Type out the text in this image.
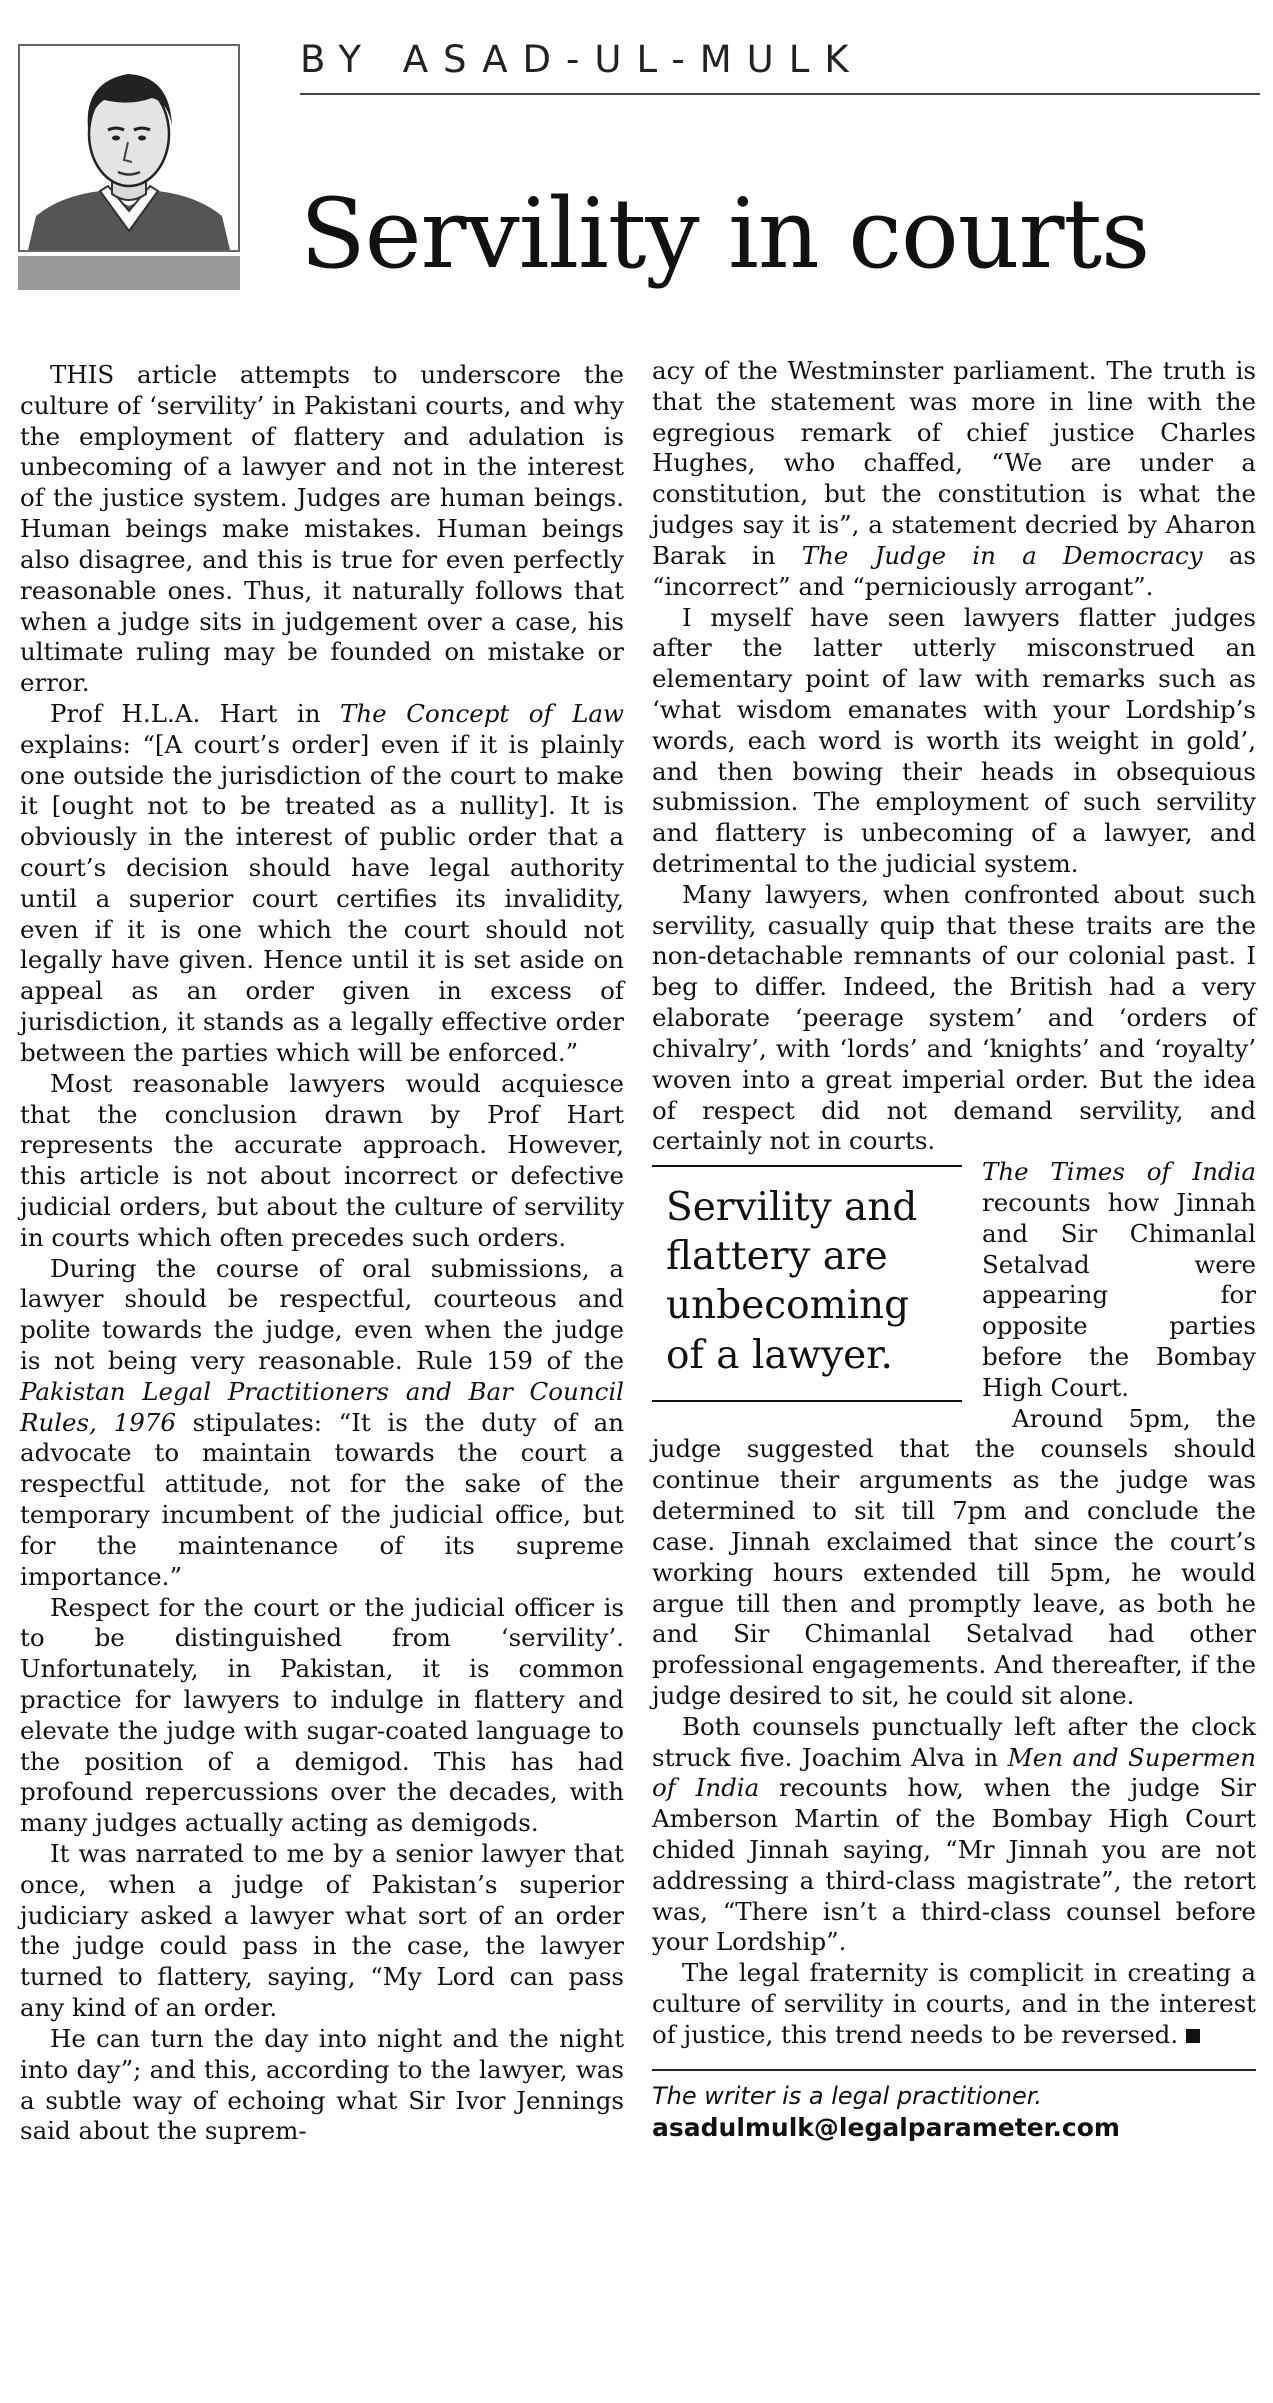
BY ASAD-UL-MULK
Servility in courts

THIS article attempts to underscore the culture of ‘servility’ in Pakistani courts, and why the employment of flattery and adulation is unbecoming of a lawyer and not in the interest of the justice system. Judges are human beings. Human beings make mistakes. Human beings also disagree, and this is true for even perfectly reasonable ones. Thus, it naturally follows that when a judge sits in judgement over a case, his ultimate ruling may be founded on mistake or error.

Prof H.L.A. Hart in The Concept of Law explains: “[A court’s order] even if it is plainly one outside the jurisdiction of the court to make it [ought not to be treated as a nullity]. It is obviously in the interest of public order that a court’s decision should have legal authority until a superior court certifies its invalidity, even if it is one which the court should not legally have given. Hence until it is set aside on appeal as an order given in excess of jurisdiction, it stands as a legally effective order between the parties which will be enforced.”

Most reasonable lawyers would acquiesce that the conclusion drawn by Prof Hart represents the accurate approach. However, this article is not about incorrect or defective judicial orders, but about the culture of servility in courts which often precedes such orders.

During the course of oral submissions, a lawyer should be respectful, courteous and polite towards the judge, even when the judge is not being very reasonable. Rule 159 of the Pakistan Legal Practitioners and Bar Council Rules, 1976 stipulates: “It is the duty of an advocate to maintain towards the court a respectful attitude, not for the sake of the temporary incumbent of the judicial office, but for the maintenance of its supreme importance.”

Respect for the court or the judicial officer is to be distinguished from ‘servility’. Unfortunately, in Pakistan, it is common practice for lawyers to indulge in flattery and elevate the judge with sugar-coated language to the position of a demigod. This has had profound repercussions over the decades, with many judges actually acting as demigods.

It was narrated to me by a senior lawyer that once, when a judge of Pakistan’s superior judiciary asked a lawyer what sort of an order the judge could pass in the case, the lawyer turned to flattery, saying, “My Lord can pass any kind of an order.

He can turn the day into night and the night into day”; and this, according to the lawyer, was a subtle way of echoing what Sir Ivor Jennings said about the suprem-

acy of the Westminster parliament. The truth is that the statement was more in line with the egregious remark of chief justice Charles Hughes, who chaffed, “We are under a constitution, but the constitution is what the judges say it is”, a statement decried by Aharon Barak in The Judge in a Democracy as “incorrect” and “perniciously arrogant”.

I myself have seen lawyers flatter judges after the latter utterly misconstrued an elementary point of law with remarks such as ‘what wisdom emanates with your Lordship’s words, each word is worth its weight in gold’, and then bowing their heads in obsequious submission. The employment of such servility and flattery is unbecoming of a lawyer, and detrimental to the judicial system.

Many lawyers, when confronted about such servility, casually quip that these traits are the non-detachable remnants of our colonial past. I beg to differ. Indeed, the British had a very elaborate ‘peerage system’ and ‘orders of chivalry’, with ‘lords’ and ‘knights’ and ‘royalty’ woven into a great imperial order. But the idea of respect did not demand servility, and certainly not in courts.

Servility and flattery are unbecoming of a lawyer.

The Times of India recounts how Jinnah and Sir Chimanlal Setalvad were appearing for opposite parties before the Bombay High Court.

Around 5pm, the judge suggested that the counsels should continue their arguments as the judge was determined to sit till 7pm and conclude the case. Jinnah exclaimed that since the court’s working hours extended till 5pm, he would argue till then and promptly leave, as both he and Sir Chimanlal Setalvad had other professional engagements. And thereafter, if the judge desired to sit, he could sit alone.

Both counsels punctually left after the clock struck five. Joachim Alva in Men and Supermen of India recounts how, when the judge Sir Amberson Martin of the Bombay High Court chided Jinnah saying, “Mr Jinnah you are not addressing a third-class magistrate”, the retort was, “There isn’t a third-class counsel before your Lordship”.

The legal fraternity is complicit in creating a culture of servility in courts, and in the interest of justice, this trend needs to be reversed.

The writer is a legal practitioner.
asadulmulk@legalparameter.com
